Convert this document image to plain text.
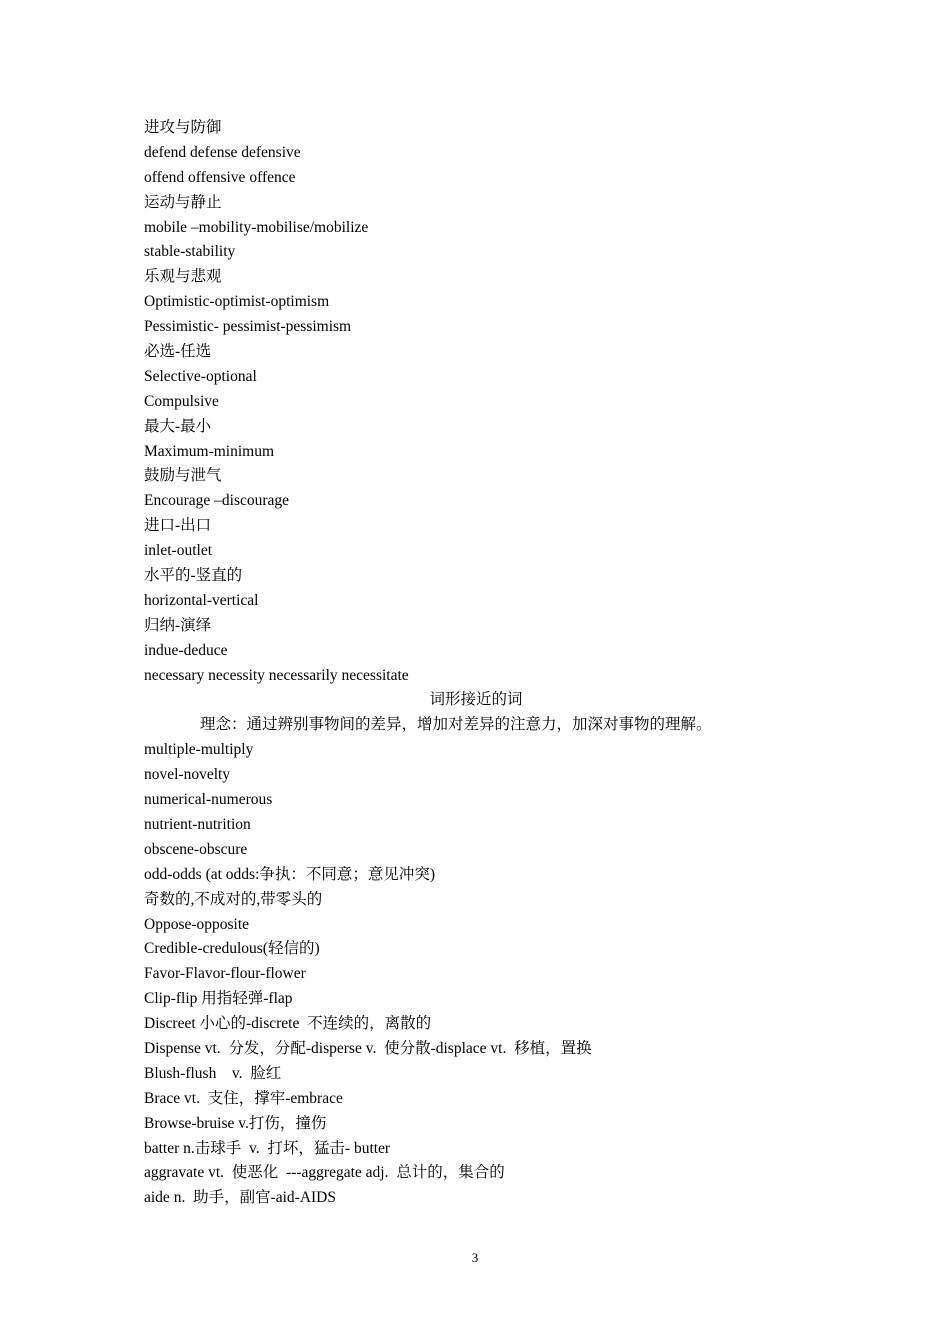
进攻与防御
defend defense defensive
offend offensive offence
运动与静止
mobile –mobility-mobilise/mobilize
stable-stability
乐观与悲观
Optimistic-optimist-optimism
Pessimistic- pessimist-pessimism
必选-任选
Selective-optional
Compulsive
最大-最小
Maximum-minimum
鼓励与泄气
Encourage –discourage
进口-出口
inlet-outlet
水平的-竖直的
horizontal-vertical
归纳-演绎
indue-deduce
necessary necessity necessarily necessitate
词形接近的词
理念：通过辨别事物间的差异，增加对差异的注意力，加深对事物的理解。
multiple-multiply
novel-novelty
numerical-numerous
nutrient-nutrition
obscene-obscure
odd-odds (at odds:争执：不同意；意见冲突)
奇数的,不成对的,带零头的
Oppose-opposite
Credible-credulous(轻信的)
Favor-Flavor-flour-flower
Clip-flip 用指轻弹-flap
Discreet 小心的-discrete  不连续的，离散的
Dispense vt.  分发，分配-disperse v.  使分散-displace vt.  移植，置换
Blush-flush    v.  脸红
Brace vt.  支住，撑牢-embrace
Browse-bruise v.打伤，撞伤
batter n.击球手  v.  打坏，猛击- butter
aggravate vt.  使恶化  ---aggregate adj.  总计的，集合的
aide n.  助手，副官-aid-AIDS
3
